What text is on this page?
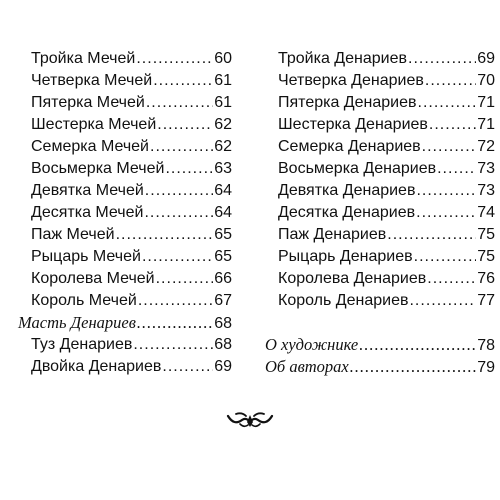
Тройка Мечей .....	60
Четверка Мечей .....	61
Пятерка Мечей .....	61
Шестерка Мечей .....	62
Семерка Мечей .....	62
Восьмерка Мечей .....	63
Девятка Мечей .....	64
Десятка Мечей .....	64
Паж Мечей .....	65
Рыцарь Мечей .....	65
Королева Мечей .....	66
Король Мечей .....	67
Масть Денариев .....	68
Туз Денариев .....	68
Двойка Денариев .....	69
Тройка Денариев .....	69
Четверка Денариев .....	70
Пятерка Денариев .....	71
Шестерка Денариев .....	71
Семерка Денариев .....	72
Восьмерка Денариев .....	73
Девятка Денариев .....	73
Десятка Денариев .....	74
Паж Денариев .....	75
Рыцарь Денариев .....	75
Королева Денариев .....	76
Король Денариев .....	77
О художнике .....	78
Об авторах .....	79
